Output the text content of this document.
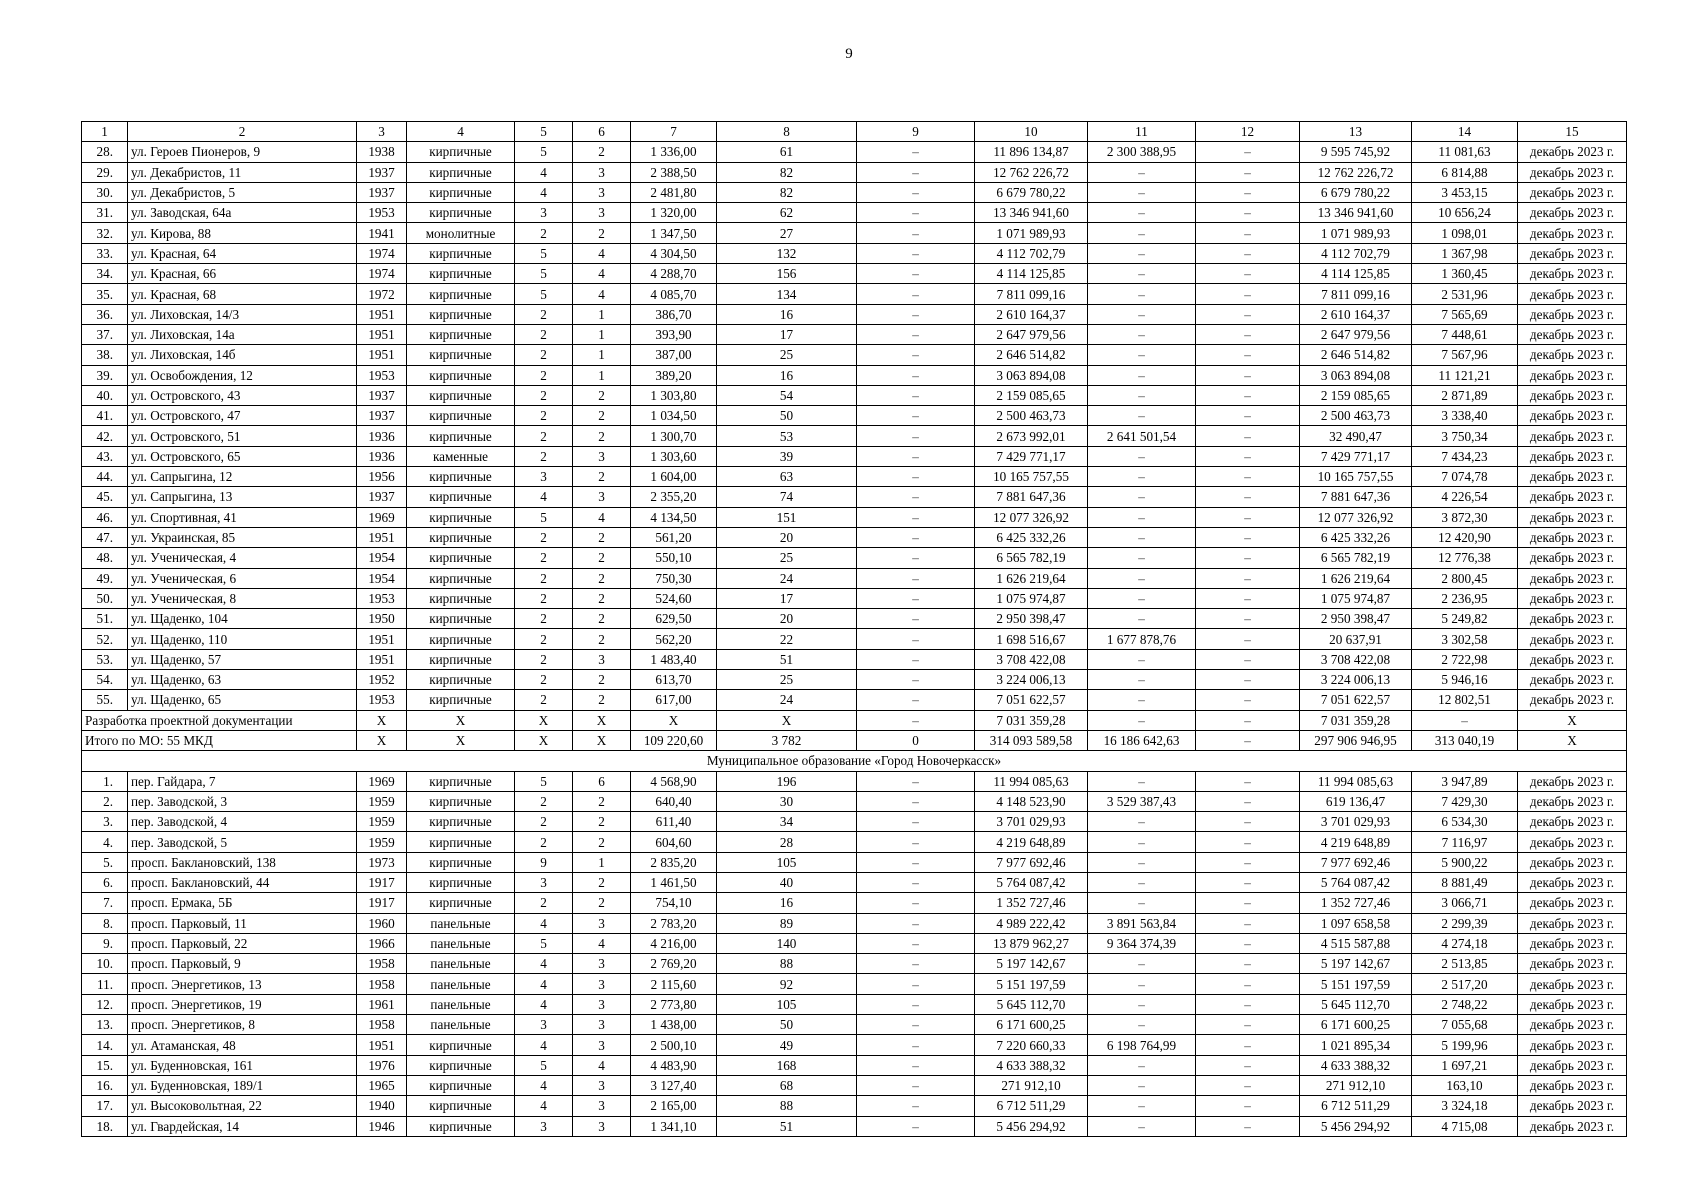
9
1	2	3	4	5	6	7	8	9	10	11	12	13	14	15
28.	ул. Героев Пионеров, 9	1938	кирпичные	5	2	1 336,00	61	–	11 896 134,87	2 300 388,95	–	9 595 745,92	11 081,63	декабрь 2023 г.
29.	ул. Декабристов, 11	1937	кирпичные	4	3	2 388,50	82	–	12 762 226,72	–	–	12 762 226,72	6 814,88	декабрь 2023 г.
30.	ул. Декабристов, 5	1937	кирпичные	4	3	2 481,80	82	–	6 679 780,22	–	–	6 679 780,22	3 453,15	декабрь 2023 г.
31.	ул. Заводская, 64а	1953	кирпичные	3	3	1 320,00	62	–	13 346 941,60	–	–	13 346 941,60	10 656,24	декабрь 2023 г.
32.	ул. Кирова, 88	1941	монолитные	2	2	1 347,50	27	–	1 071 989,93	–	–	1 071 989,93	1 098,01	декабрь 2023 г.
33.	ул. Красная, 64	1974	кирпичные	5	4	4 304,50	132	–	4 112 702,79	–	–	4 112 702,79	1 367,98	декабрь 2023 г.
34.	ул. Красная, 66	1974	кирпичные	5	4	4 288,70	156	–	4 114 125,85	–	–	4 114 125,85	1 360,45	декабрь 2023 г.
35.	ул. Красная, 68	1972	кирпичные	5	4	4 085,70	134	–	7 811 099,16	–	–	7 811 099,16	2 531,96	декабрь 2023 г.
36.	ул. Лиховская, 14/3	1951	кирпичные	2	1	386,70	16	–	2 610 164,37	–	–	2 610 164,37	7 565,69	декабрь 2023 г.
37.	ул. Лиховская, 14а	1951	кирпичные	2	1	393,90	17	–	2 647 979,56	–	–	2 647 979,56	7 448,61	декабрь 2023 г.
38.	ул. Лиховская, 14б	1951	кирпичные	2	1	387,00	25	–	2 646 514,82	–	–	2 646 514,82	7 567,96	декабрь 2023 г.
39.	ул. Освобождения, 12	1953	кирпичные	2	1	389,20	16	–	3 063 894,08	–	–	3 063 894,08	11 121,21	декабрь 2023 г.
40.	ул. Островского, 43	1937	кирпичные	2	2	1 303,80	54	–	2 159 085,65	–	–	2 159 085,65	2 871,89	декабрь 2023 г.
41.	ул. Островского, 47	1937	кирпичные	2	2	1 034,50	50	–	2 500 463,73	–	–	2 500 463,73	3 338,40	декабрь 2023 г.
42.	ул. Островского, 51	1936	кирпичные	2	2	1 300,70	53	–	2 673 992,01	2 641 501,54	–	32 490,47	3 750,34	декабрь 2023 г.
43.	ул. Островского, 65	1936	каменные	2	3	1 303,60	39	–	7 429 771,17	–	–	7 429 771,17	7 434,23	декабрь 2023 г.
44.	ул. Сапрыгина, 12	1956	кирпичные	3	2	1 604,00	63	–	10 165 757,55	–	–	10 165 757,55	7 074,78	декабрь 2023 г.
45.	ул. Сапрыгина, 13	1937	кирпичные	4	3	2 355,20	74	–	7 881 647,36	–	–	7 881 647,36	4 226,54	декабрь 2023 г.
46.	ул. Спортивная, 41	1969	кирпичные	5	4	4 134,50	151	–	12 077 326,92	–	–	12 077 326,92	3 872,30	декабрь 2023 г.
47.	ул. Украинская, 85	1951	кирпичные	2	2	561,20	20	–	6 425 332,26	–	–	6 425 332,26	12 420,90	декабрь 2023 г.
48.	ул. Ученическая, 4	1954	кирпичные	2	2	550,10	25	–	6 565 782,19	–	–	6 565 782,19	12 776,38	декабрь 2023 г.
49.	ул. Ученическая, 6	1954	кирпичные	2	2	750,30	24	–	1 626 219,64	–	–	1 626 219,64	2 800,45	декабрь 2023 г.
50.	ул. Ученическая, 8	1953	кирпичные	2	2	524,60	17	–	1 075 974,87	–	–	1 075 974,87	2 236,95	декабрь 2023 г.
51.	ул. Щаденко, 104	1950	кирпичные	2	2	629,50	20	–	2 950 398,47	–	–	2 950 398,47	5 249,82	декабрь 2023 г.
52.	ул. Щаденко, 110	1951	кирпичные	2	2	562,20	22	–	1 698 516,67	1 677 878,76	–	20 637,91	3 302,58	декабрь 2023 г.
53.	ул. Щаденко, 57	1951	кирпичные	2	3	1 483,40	51	–	3 708 422,08	–	–	3 708 422,08	2 722,98	декабрь 2023 г.
54.	ул. Щаденко, 63	1952	кирпичные	2	2	613,70	25	–	3 224 006,13	–	–	3 224 006,13	5 946,16	декабрь 2023 г.
55.	ул. Щаденко, 65	1953	кирпичные	2	2	617,00	24	–	7 051 622,57	–	–	7 051 622,57	12 802,51	декабрь 2023 г.
Разработка проектной документации		X	X	X	X	X	X	–	7 031 359,28	–	–	7 031 359,28	–	X
Итого по МО: 55 МКД		X	X	X	X	109 220,60	3 782	0	314 093 589,58	16 186 642,63	–	297 906 946,95	313 040,19	X
Муниципальное образование «Город Новочеркасск»														
1.	пер. Гайдара, 7	1969	кирпичные	5	6	4 568,90	196	–	11 994 085,63	–	–	11 994 085,63	3 947,89	декабрь 2023 г.
2.	пер. Заводской, 3	1959	кирпичные	2	2	640,40	30	–	4 148 523,90	3 529 387,43	–	619 136,47	7 429,30	декабрь 2023 г.
3.	пер. Заводской, 4	1959	кирпичные	2	2	611,40	34	–	3 701 029,93	–	–	3 701 029,93	6 534,30	декабрь 2023 г.
4.	пер. Заводской, 5	1959	кирпичные	2	2	604,60	28	–	4 219 648,89	–	–	4 219 648,89	7 116,97	декабрь 2023 г.
5.	просп. Баклановский, 138	1973	кирпичные	9	1	2 835,20	105	–	7 977 692,46	–	–	7 977 692,46	5 900,22	декабрь 2023 г.
6.	просп. Баклановский, 44	1917	кирпичные	3	2	1 461,50	40	–	5 764 087,42	–	–	5 764 087,42	8 881,49	декабрь 2023 г.
7.	просп. Ермака, 5Б	1917	кирпичные	2	2	754,10	16	–	1 352 727,46	–	–	1 352 727,46	3 066,71	декабрь 2023 г.
8.	просп. Парковый, 11	1960	панельные	4	3	2 783,20	89	–	4 989 222,42	3 891 563,84	–	1 097 658,58	2 299,39	декабрь 2023 г.
9.	просп. Парковый, 22	1966	панельные	5	4	4 216,00	140	–	13 879 962,27	9 364 374,39	–	4 515 587,88	4 274,18	декабрь 2023 г.
10.	просп. Парковый, 9	1958	панельные	4	3	2 769,20	88	–	5 197 142,67	–	–	5 197 142,67	2 513,85	декабрь 2023 г.
11.	просп. Энергетиков, 13	1958	панельные	4	3	2 115,60	92	–	5 151 197,59	–	–	5 151 197,59	2 517,20	декабрь 2023 г.
12.	просп. Энергетиков, 19	1961	панельные	4	3	2 773,80	105	–	5 645 112,70	–	–	5 645 112,70	2 748,22	декабрь 2023 г.
13.	просп. Энергетиков, 8	1958	панельные	3	3	1 438,00	50	–	6 171 600,25	–	–	6 171 600,25	7 055,68	декабрь 2023 г.
14.	ул. Атаманская, 48	1951	кирпичные	4	3	2 500,10	49	–	7 220 660,33	6 198 764,99	–	1 021 895,34	5 199,96	декабрь 2023 г.
15.	ул. Буденновская, 161	1976	кирпичные	5	4	4 483,90	168	–	4 633 388,32	–	–	4 633 388,32	1 697,21	декабрь 2023 г.
16.	ул. Буденновская, 189/1	1965	кирпичные	4	3	3 127,40	68	–	271 912,10	–	–	271 912,10	163,10	декабрь 2023 г.
17.	ул. Высоковольтная, 22	1940	кирпичные	4	3	2 165,00	88	–	6 712 511,29	–	–	6 712 511,29	3 324,18	декабрь 2023 г.
18.	ул. Гвардейская, 14	1946	кирпичные	3	3	1 341,10	51	–	5 456 294,92	–	–	5 456 294,92	4 715,08	декабрь 2023 г.
